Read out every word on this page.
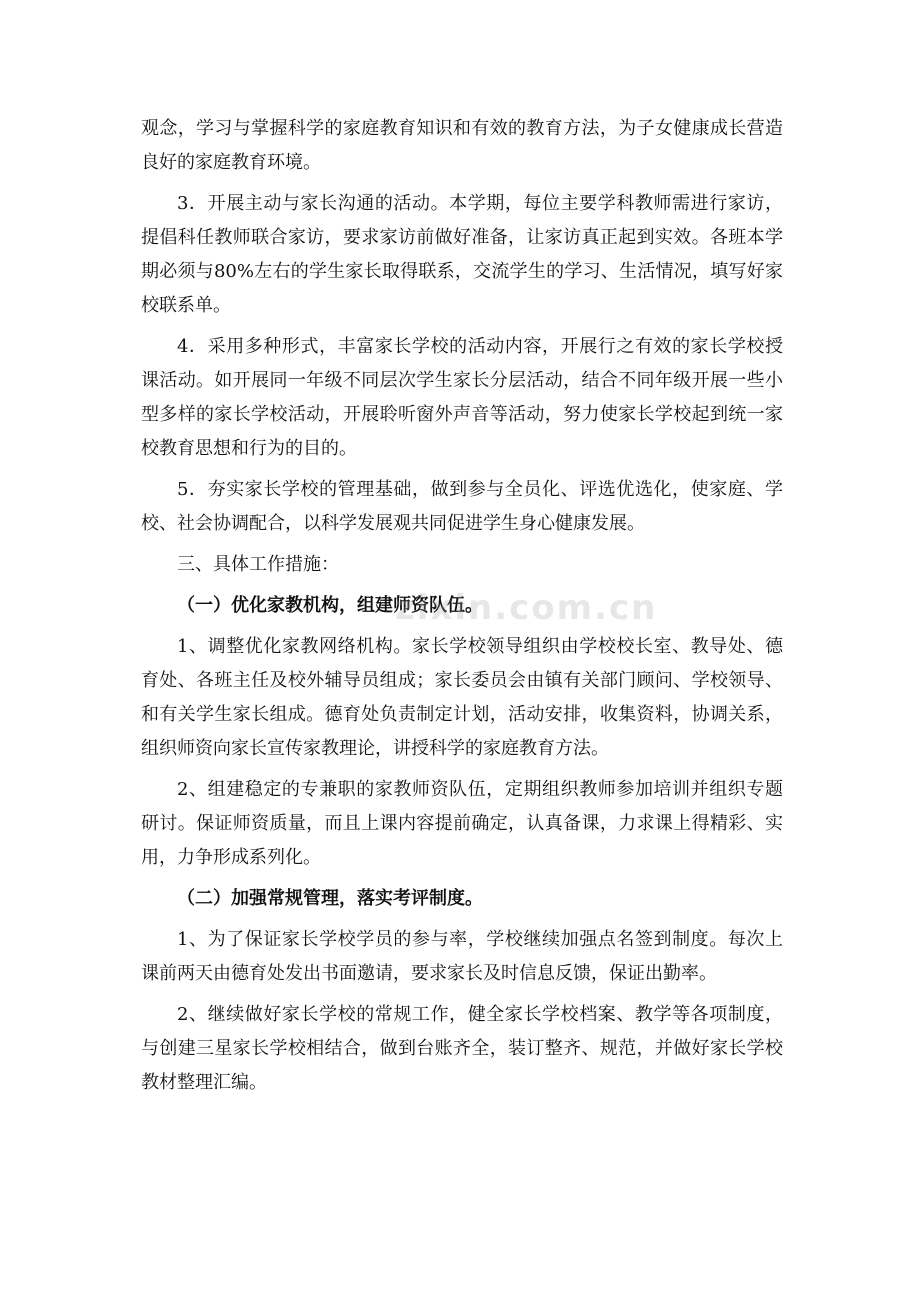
观念，学习与掌握科学的家庭教育知识和有效的教育方法，为子女健康成长营造
良好的家庭教育环境。
3．开展主动与家长沟通的活动。本学期，每位主要学科教师需进行家访，
提倡科任教师联合家访，要求家访前做好准备，让家访真正起到实效。各班本学
期必须与80%左右的学生家长取得联系，交流学生的学习、生活情况，填写好家
校联系单。
4．采用多种形式，丰富家长学校的活动内容，开展行之有效的家长学校授
课活动。如开展同一年级不同层次学生家长分层活动，结合不同年级开展一些小
型多样的家长学校活动，开展聆听窗外声音等活动，努力使家长学校起到统一家
校教育思想和行为的目的。
5．夯实家长学校的管理基础，做到参与全员化、评选优选化，使家庭、学
校、社会协调配合，以科学发展观共同促进学生身心健康发展。
三、具体工作措施：
（一）优化家教机构，组建师资队伍。
1、调整优化家教网络机构。家长学校领导组织由学校校长室、教导处、德
育处、各班主任及校外辅导员组成；家长委员会由镇有关部门顾问、学校领导、
和有关学生家长组成。德育处负责制定计划，活动安排，收集资料，协调关系，
组织师资向家长宣传家教理论，讲授科学的家庭教育方法。
2、组建稳定的专兼职的家教师资队伍，定期组织教师参加培训并组织专题
研讨。保证师资质量，而且上课内容提前确定，认真备课，力求课上得精彩、实
用，力争形成系列化。
（二）加强常规管理，落实考评制度。
1、为了保证家长学校学员的参与率，学校继续加强点名签到制度。每次上
课前两天由德育处发出书面邀请，要求家长及时信息反馈，保证出勤率。
2、继续做好家长学校的常规工作，健全家长学校档案、教学等各项制度，
与创建三星家长学校相结合，做到台账齐全，装订整齐、规范，并做好家长学校
教材整理汇编。
zixin.com.cn
